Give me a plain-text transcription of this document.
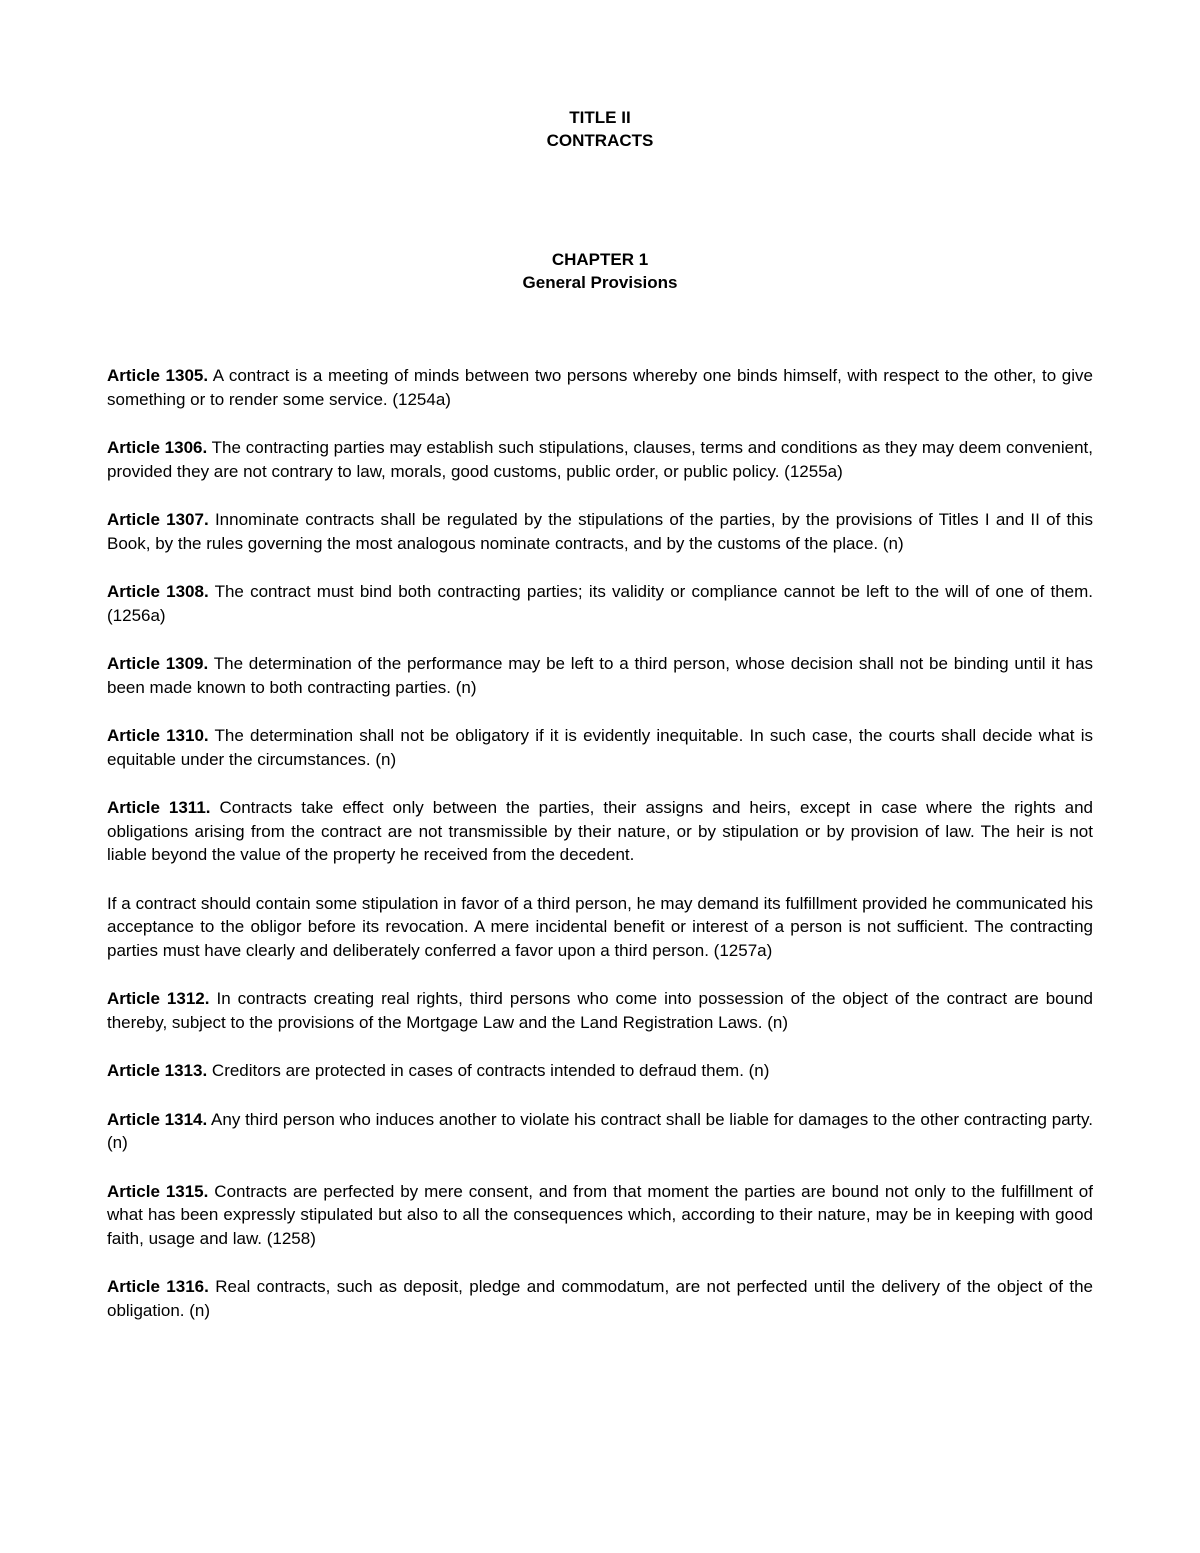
TITLE II
CONTRACTS
CHAPTER 1
General Provisions

Article 1305. A contract is a meeting of minds between two persons whereby one binds himself, with respect to the other, to give something or to render some service. (1254a)

Article 1306. The contracting parties may establish such stipulations, clauses, terms and conditions as they may deem convenient, provided they are not contrary to law, morals, good customs, public order, or public policy. (1255a)

Article 1307. Innominate contracts shall be regulated by the stipulations of the parties, by the provisions of Titles I and II of this Book, by the rules governing the most analogous nominate contracts, and by the customs of the place. (n)

Article 1308. The contract must bind both contracting parties; its validity or compliance cannot be left to the will of one of them. (1256a)

Article 1309. The determination of the performance may be left to a third person, whose decision shall not be binding until it has been made known to both contracting parties. (n)

Article 1310. The determination shall not be obligatory if it is evidently inequitable. In such case, the courts shall decide what is equitable under the circumstances. (n)

Article 1311. Contracts take effect only between the parties, their assigns and heirs, except in case where the rights and obligations arising from the contract are not transmissible by their nature, or by stipulation or by provision of law. The heir is not liable beyond the value of the property he received from the decedent.

If a contract should contain some stipulation in favor of a third person, he may demand its fulfillment provided he communicated his acceptance to the obligor before its revocation. A mere incidental benefit or interest of a person is not sufficient. The contracting parties must have clearly and deliberately conferred a favor upon a third person. (1257a)

Article 1312. In contracts creating real rights, third persons who come into possession of the object of the contract are bound thereby, subject to the provisions of the Mortgage Law and the Land Registration Laws. (n)

Article 1313. Creditors are protected in cases of contracts intended to defraud them. (n)

Article 1314. Any third person who induces another to violate his contract shall be liable for damages to the other contracting party. (n)

Article 1315. Contracts are perfected by mere consent, and from that moment the parties are bound not only to the fulfillment of what has been expressly stipulated but also to all the consequences which, according to their nature, may be in keeping with good faith, usage and law. (1258)

Article 1316. Real contracts, such as deposit, pledge and commodatum, are not perfected until the delivery of the object of the obligation. (n)
